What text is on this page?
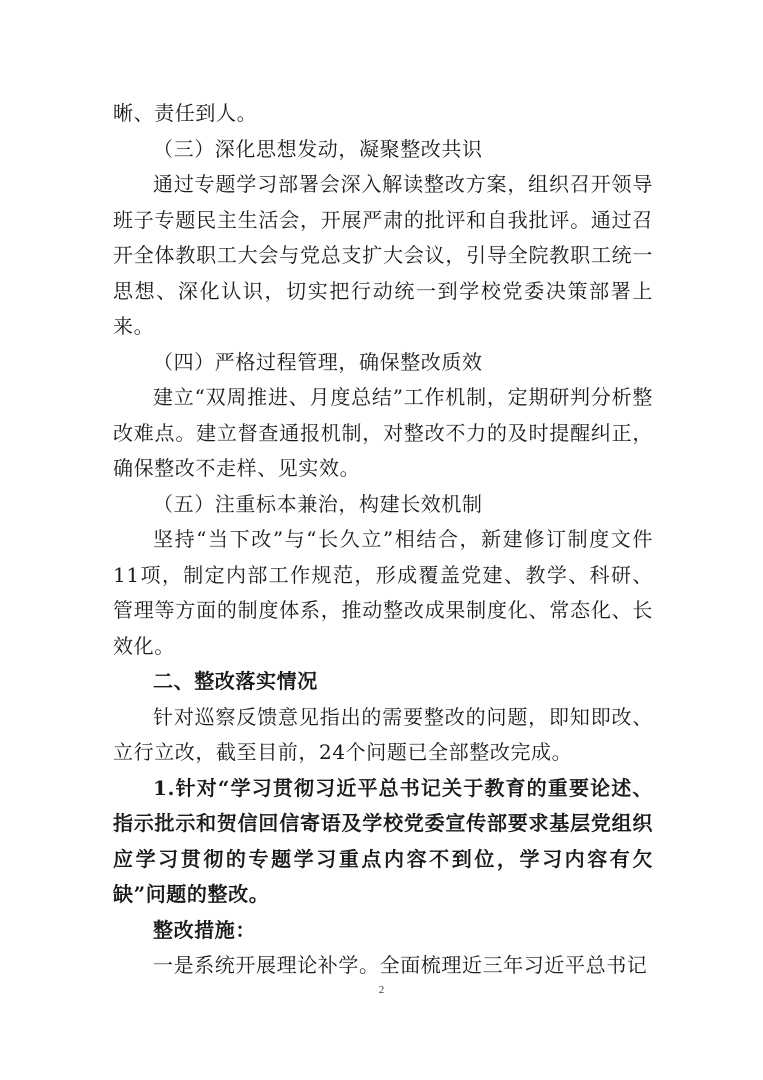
晰、责任到人。

（三）深化思想发动，凝聚整改共识

通过专题学习部署会深入解读整改方案，组织召开领导班子专题民主生活会，开展严肃的批评和自我批评。通过召开全体教职工大会与党总支扩大会议，引导全院教职工统一思想、深化认识，切实把行动统一到学校党委决策部署上来。

（四）严格过程管理，确保整改质效

建立“双周推进、月度总结”工作机制，定期研判分析整改难点。建立督查通报机制，对整改不力的及时提醒纠正，确保整改不走样、见实效。

（五）注重标本兼治，构建长效机制

坚持“当下改”与“长久立”相结合，新建修订制度文件11项，制定内部工作规范，形成覆盖党建、教学、科研、管理等方面的制度体系，推动整改成果制度化、常态化、长效化。

二、整改落实情况

针对巡察反馈意见指出的需要整改的问题，即知即改、立行立改，截至目前，24个问题已全部整改完成。

1.针对“学习贯彻习近平总书记关于教育的重要论述、指示批示和贺信回信寄语及学校党委宣传部要求基层党组织应学习贯彻的专题学习重点内容不到位，学习内容有欠缺”问题的整改。

整改措施：

一是系统开展理论补学。全面梳理近三年习近平总书记

2
